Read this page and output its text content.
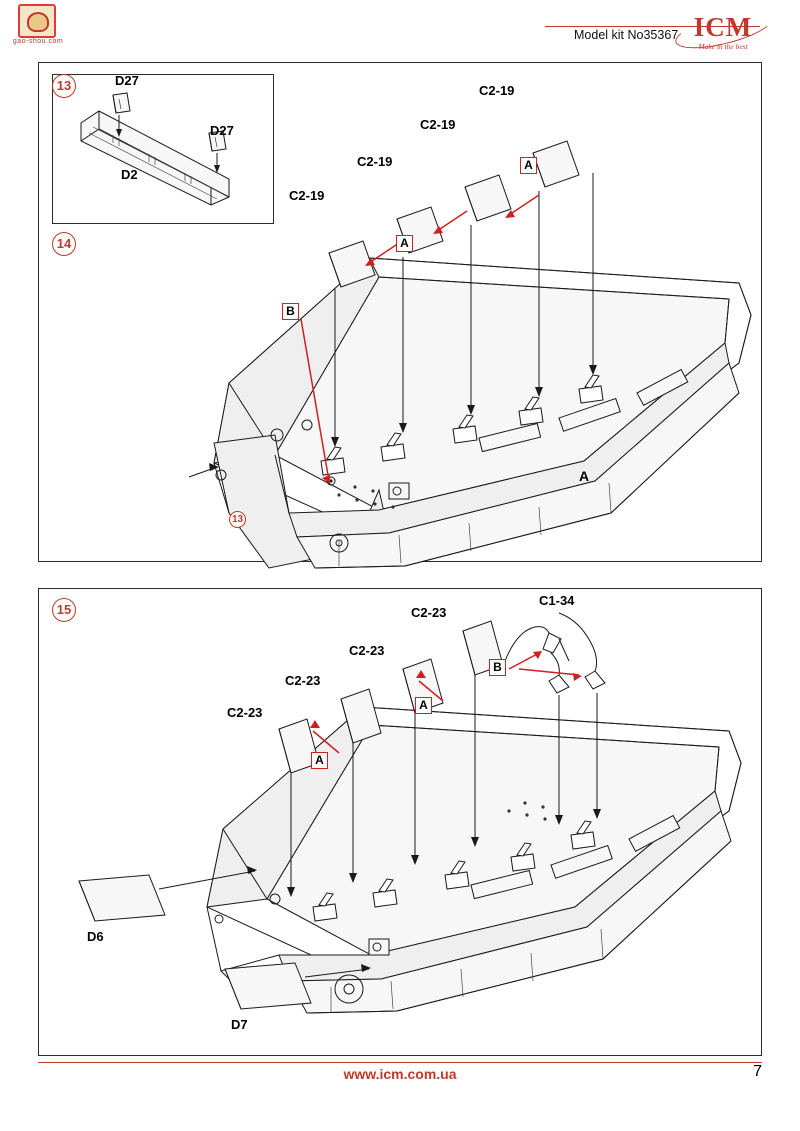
gao-shou.com	Model kit No35367 ICM
Make in the best
C2-19
C2-19
C2-19
C2-19
A
A
A
B
13
14
D27
D27
D2
13
C2-23
C2-23
C2-23
C2-23
C1-34
D6
D7
A
A
B
15
www.icm.com.ua	7
